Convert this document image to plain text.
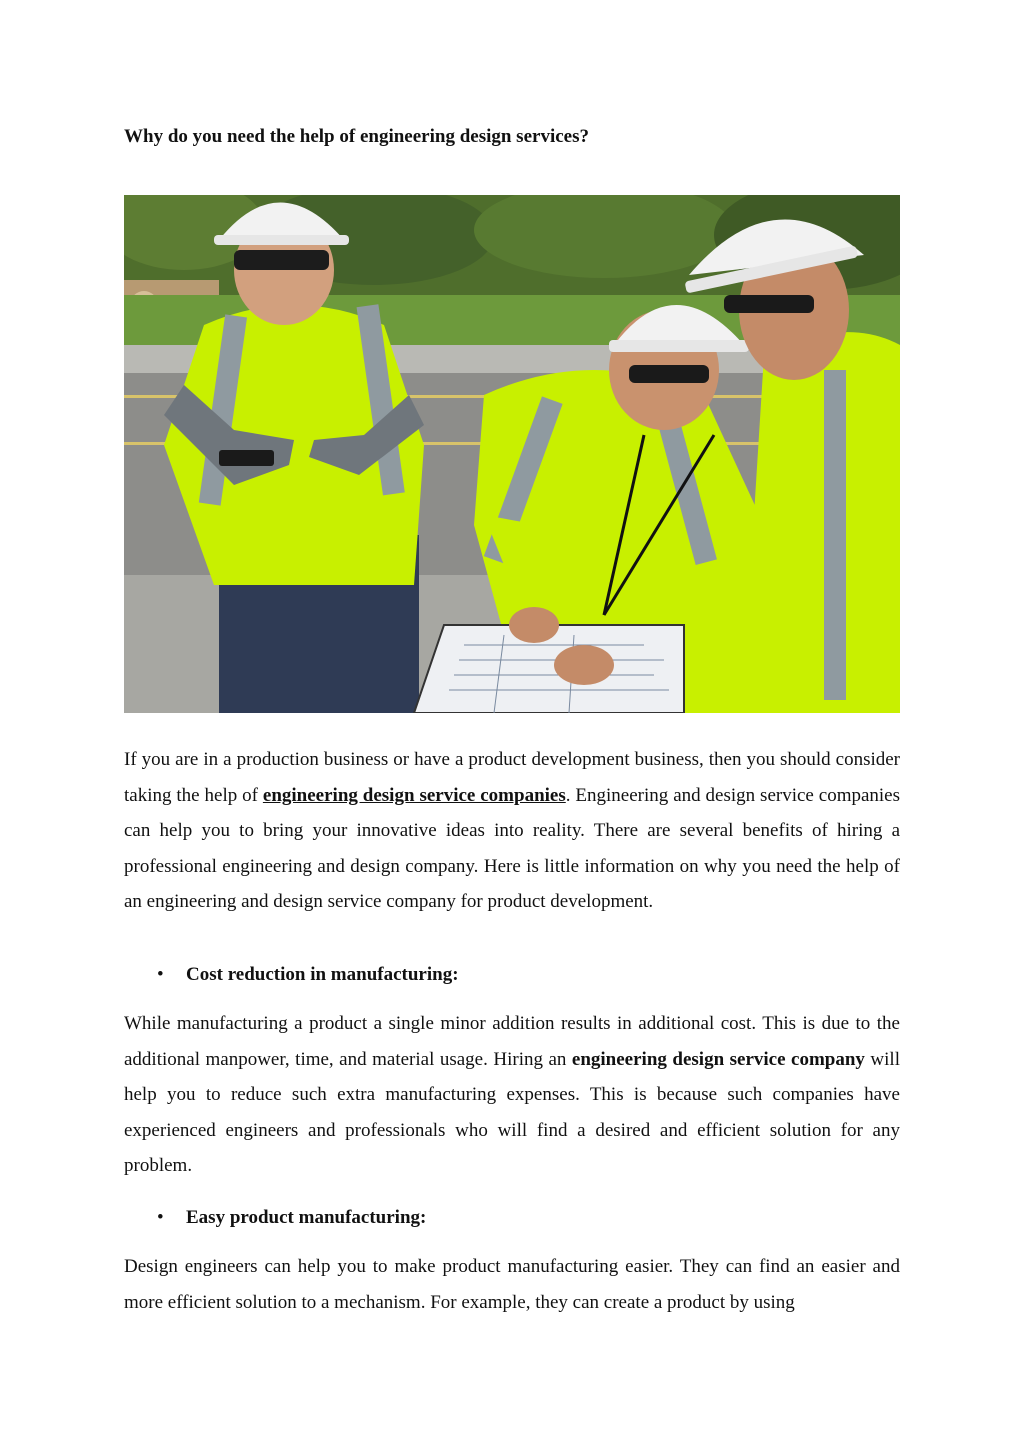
Why do you need the help of engineering design services?

If you are in a production business or have a product development business, then you should consider taking the help of engineering design service companies. Engineering and design service companies can help you to bring your innovative ideas into reality. There are several benefits of hiring a professional engineering and design company. Here is little information on why you need the help of an engineering and design service company for product development.

• Cost reduction in manufacturing:

While manufacturing a product a single minor addition results in additional cost. This is due to the additional manpower, time, and material usage. Hiring an engineering design service company will help you to reduce such extra manufacturing expenses. This is because such companies have experienced engineers and professionals who will find a desired and efficient solution for any problem.

• Easy product manufacturing:

Design engineers can help you to make product manufacturing easier. They can find an easier and more efficient solution to a mechanism. For example, they can create a product by using
